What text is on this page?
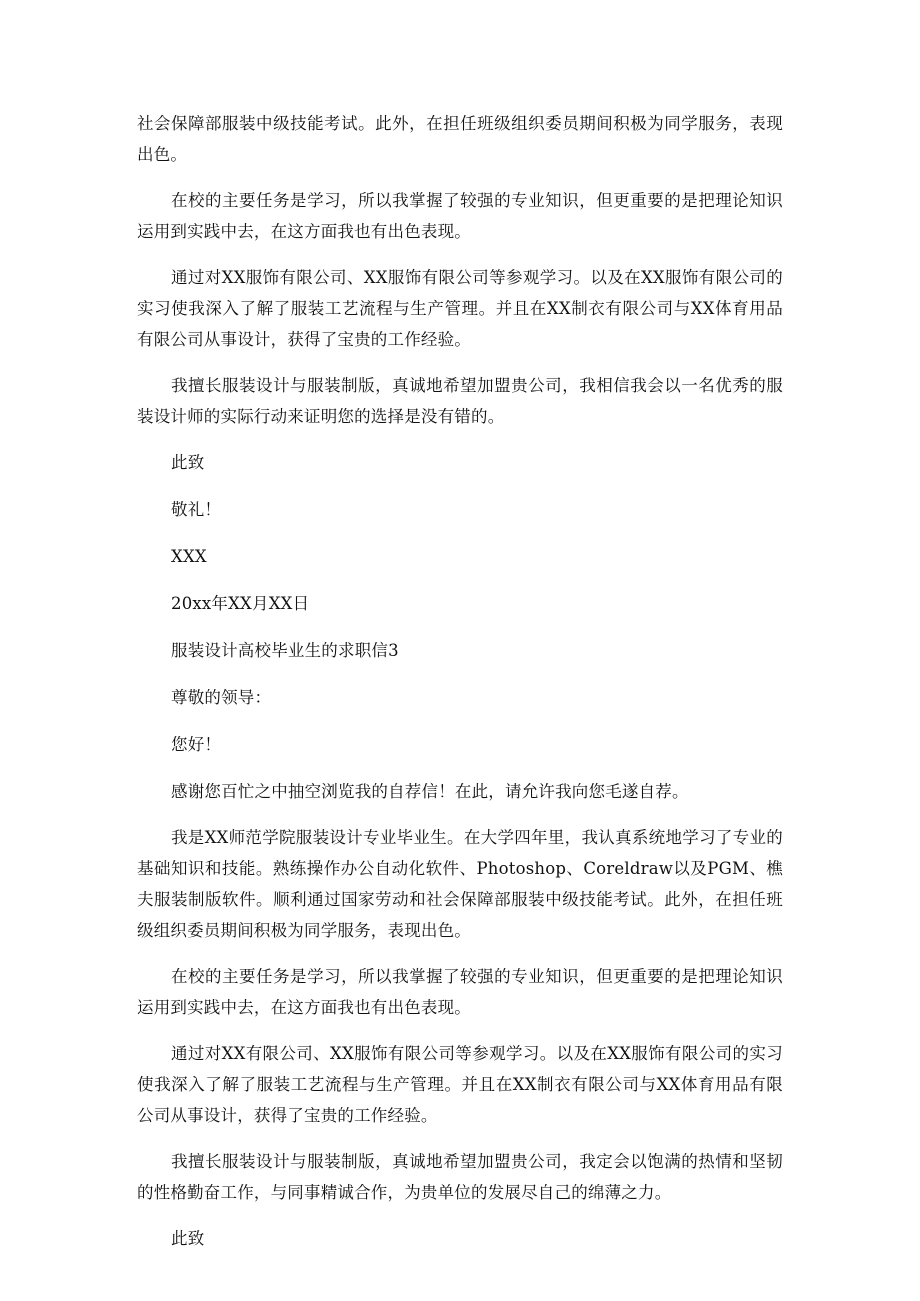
社会保障部服装中级技能考试。此外，在担任班级组织委员期间积极为同学服务，表现出色。

在校的主要任务是学习，所以我掌握了较强的专业知识，但更重要的是把理论知识运用到实践中去，在这方面我也有出色表现。

通过对XX服饰有限公司、XX服饰有限公司等参观学习。以及在XX服饰有限公司的实习使我深入了解了服装工艺流程与生产管理。并且在XX制衣有限公司与XX体育用品有限公司从事设计，获得了宝贵的工作经验。

我擅长服装设计与服装制版，真诚地希望加盟贵公司，我相信我会以一名优秀的服装设计师的实际行动来证明您的选择是没有错的。

此致

敬礼！

XXX

20xx年XX月XX日

服装设计高校毕业生的求职信3

尊敬的领导：

您好！

感谢您百忙之中抽空浏览我的自荐信！在此，请允许我向您毛遂自荐。

我是XX师范学院服装设计专业毕业生。在大学四年里，我认真系统地学习了专业的基础知识和技能。熟练操作办公自动化软件、Photoshop、Coreldraw以及PGM、樵夫服装制版软件。顺利通过国家劳动和社会保障部服装中级技能考试。此外，在担任班级组织委员期间积极为同学服务，表现出色。

在校的主要任务是学习，所以我掌握了较强的专业知识，但更重要的是把理论知识运用到实践中去，在这方面我也有出色表现。

通过对XX有限公司、XX服饰有限公司等参观学习。以及在XX服饰有限公司的实习使我深入了解了服装工艺流程与生产管理。并且在XX制衣有限公司与XX体育用品有限公司从事设计，获得了宝贵的工作经验。

我擅长服装设计与服装制版，真诚地希望加盟贵公司，我定会以饱满的热情和坚韧的性格勤奋工作，与同事精诚合作，为贵单位的发展尽自己的绵薄之力。

此致
